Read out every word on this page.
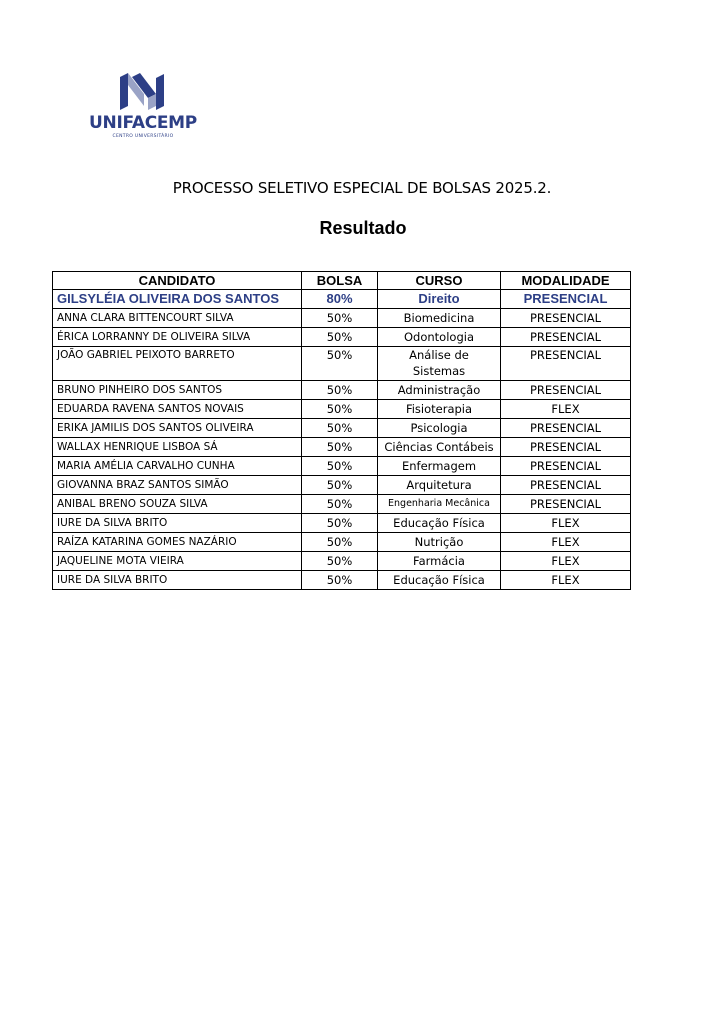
UNIFACEMP
CENTRO UNIVERSITÁRIO
PROCESSO SELETIVO ESPECIAL DE BOLSAS 2025.2.
Resultado
CANDIDATO	BOLSA	CURSO	MODALIDADE
GILSYLÉIA OLIVEIRA DOS SANTOS	80%	Direito	PRESENCIAL
ANNA CLARA BITTENCOURT SILVA	50%	Biomedicina	PRESENCIAL
ÉRICA LORRANNY DE OLIVEIRA SILVA	50%	Odontologia	PRESENCIAL
JOÃO GABRIEL PEIXOTO BARRETO	50%	Análise de Sistemas	PRESENCIAL
BRUNO PINHEIRO DOS SANTOS	50%	Administração	PRESENCIAL
EDUARDA RAVENA SANTOS NOVAIS	50%	Fisioterapia	FLEX
ERIKA JAMILIS DOS SANTOS OLIVEIRA	50%	Psicologia	PRESENCIAL
WALLAX HENRIQUE LISBOA SÁ	50%	Ciências Contábeis	PRESENCIAL
MARIA AMÉLIA CARVALHO CUNHA	50%	Enfermagem	PRESENCIAL
GIOVANNA BRAZ SANTOS SIMÃO	50%	Arquitetura	PRESENCIAL
ANIBAL BRENO SOUZA SILVA	50%	Engenharia Mecânica	PRESENCIAL
IURE DA SILVA BRITO	50%	Educação Física	FLEX
RAÍZA KATARINA GOMES NAZÁRIO	50%	Nutrição	FLEX
JAQUELINE MOTA VIEIRA	50%	Farmácia	FLEX
IURE DA SILVA BRITO	50%	Educação Física	FLEX
